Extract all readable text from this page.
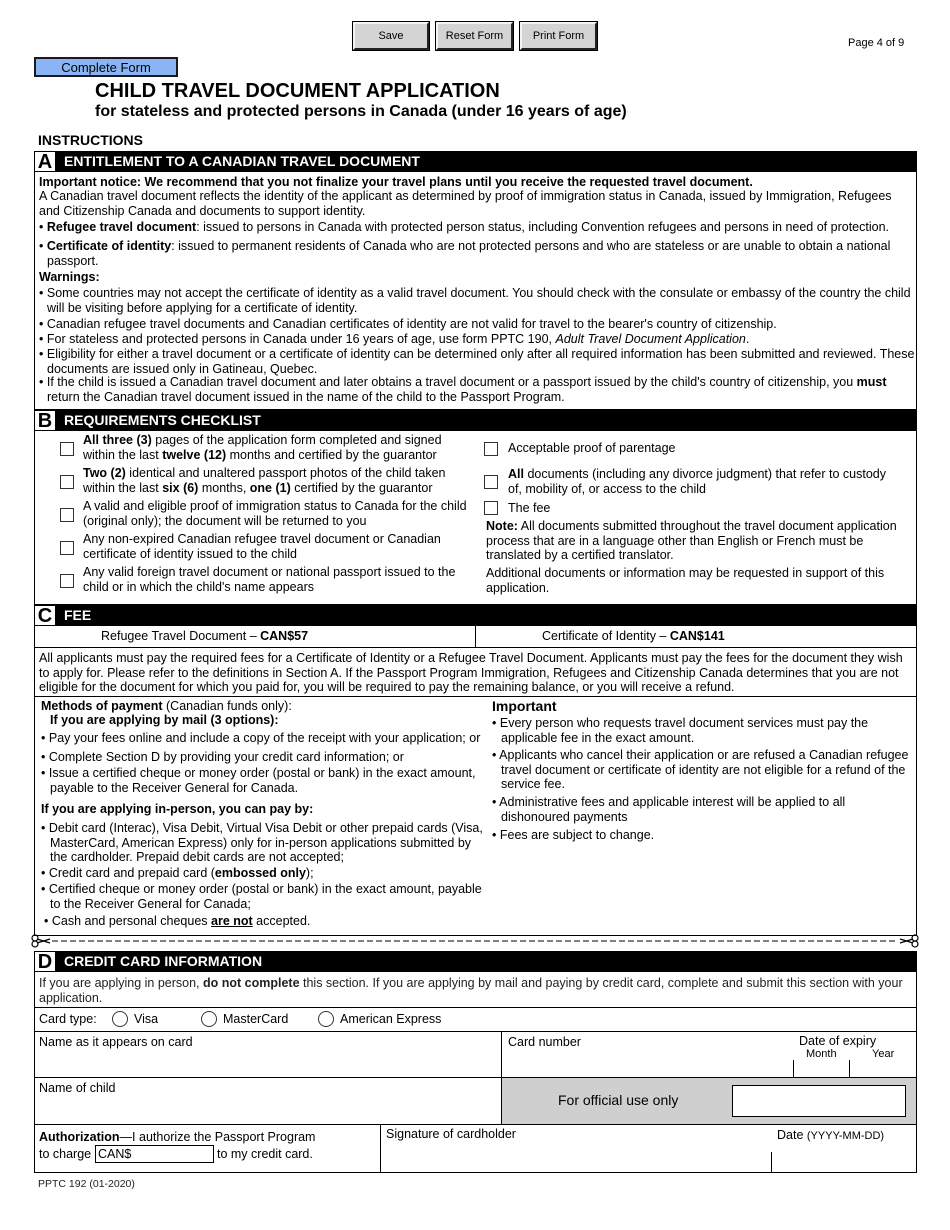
Save	Reset Form	Print Form
Page 4 of 9
Complete Form
CHILD TRAVEL DOCUMENT APPLICATION
for stateless and protected persons in Canada (under 16 years of age)
INSTRUCTIONS
A ENTITLEMENT TO A CANADIAN TRAVEL DOCUMENT
Important notice: We recommend that you not finalize your travel plans until you receive the requested travel document.
A Canadian travel document reflects the identity of the applicant as determined by proof of immigration status in Canada, issued by Immigration, Refugees and Citizenship Canada and documents to support identity.
• Refugee travel document: issued to persons in Canada with protected person status, including Convention refugees and persons in need of protection.
• Certificate of identity: issued to permanent residents of Canada who are not protected persons and who are stateless or are unable to obtain a national passport.
Warnings:
• Some countries may not accept the certificate of identity as a valid travel document. You should check with the consulate or embassy of the country the child will be visiting before applying for a certificate of identity.
• Canadian refugee travel documents and Canadian certificates of identity are not valid for travel to the bearer's country of citizenship.
• For stateless and protected persons in Canada under 16 years of age, use form PPTC 190, Adult Travel Document Application.
• Eligibility for either a travel document or a certificate of identity can be determined only after all required information has been submitted and reviewed. These documents are issued only in Gatineau, Quebec.
• If the child is issued a Canadian travel document and later obtains a travel document or a passport issued by the child's country of citizenship, you must return the Canadian travel document issued in the name of the child to the Passport Program.
B REQUIREMENTS CHECKLIST
All three (3) pages of the application form completed and signed within the last twelve (12) months and certified by the guarantor
Two (2) identical and unaltered passport photos of the child taken within the last six (6) months, one (1) certified by the guarantor
A valid and eligible proof of immigration status to Canada for the child (original only); the document will be returned to you
Any non-expired Canadian refugee travel document or Canadian certificate of identity issued to the child
Any valid foreign travel document or national passport issued to the child or in which the child's name appears
Acceptable proof of parentage
All documents (including any divorce judgment) that refer to custody of, mobility of, or access to the child
The fee
Note: All documents submitted throughout the travel document application process that are in a language other than English or French must be translated by a certified translator.
Additional documents or information may be requested in support of this application.
C FEE
Refugee Travel Document – CAN$57	Certificate of Identity – CAN$141
All applicants must pay the required fees for a Certificate of Identity or a Refugee Travel Document. Applicants must pay the fees for the document they wish to apply for. Please refer to the definitions in Section A. If the Passport Program Immigration, Refugees and Citizenship Canada determines that you are not eligible for the document for which you paid for, you will be required to pay the remaining balance, or you will receive a refund.
Methods of payment (Canadian funds only):
If you are applying by mail (3 options):
• Pay your fees online and include a copy of the receipt with your application; or
• Complete Section D by providing your credit card information; or
• Issue a certified cheque or money order (postal or bank) in the exact amount, payable to the Receiver General for Canada.
If you are applying in-person, you can pay by:
• Debit card (Interac), Visa Debit, Virtual Visa Debit or other prepaid cards (Visa, MasterCard, American Express) only for in-person applications submitted by the cardholder. Prepaid debit cards are not accepted;
• Credit card and prepaid card (embossed only);
• Certified cheque or money order (postal or bank) in the exact amount, payable to the Receiver General for Canada;
• Cash and personal cheques are not accepted.
Important
• Every person who requests travel document services must pay the applicable fee in the exact amount.
• Applicants who cancel their application or are refused a Canadian refugee travel document or certificate of identity are not eligible for a refund of the service fee.
• Administrative fees and applicable interest will be applied to all dishonoured payments
• Fees are subject to change.
D CREDIT CARD INFORMATION
If you are applying in person, do not complete this section. If you are applying by mail and paying by credit card, complete and submit this section with your application.
Card type:	Visa	MasterCard	American Express
Name as it appears on card	Card number	Date of expiry
Month	Year
Name of child
For official use only
Authorization—I authorize the Passport Program
to charge CAN$	to my credit card.
Signature of cardholder	Date (YYYY-MM-DD)
PPTC 192 (01-2020)
